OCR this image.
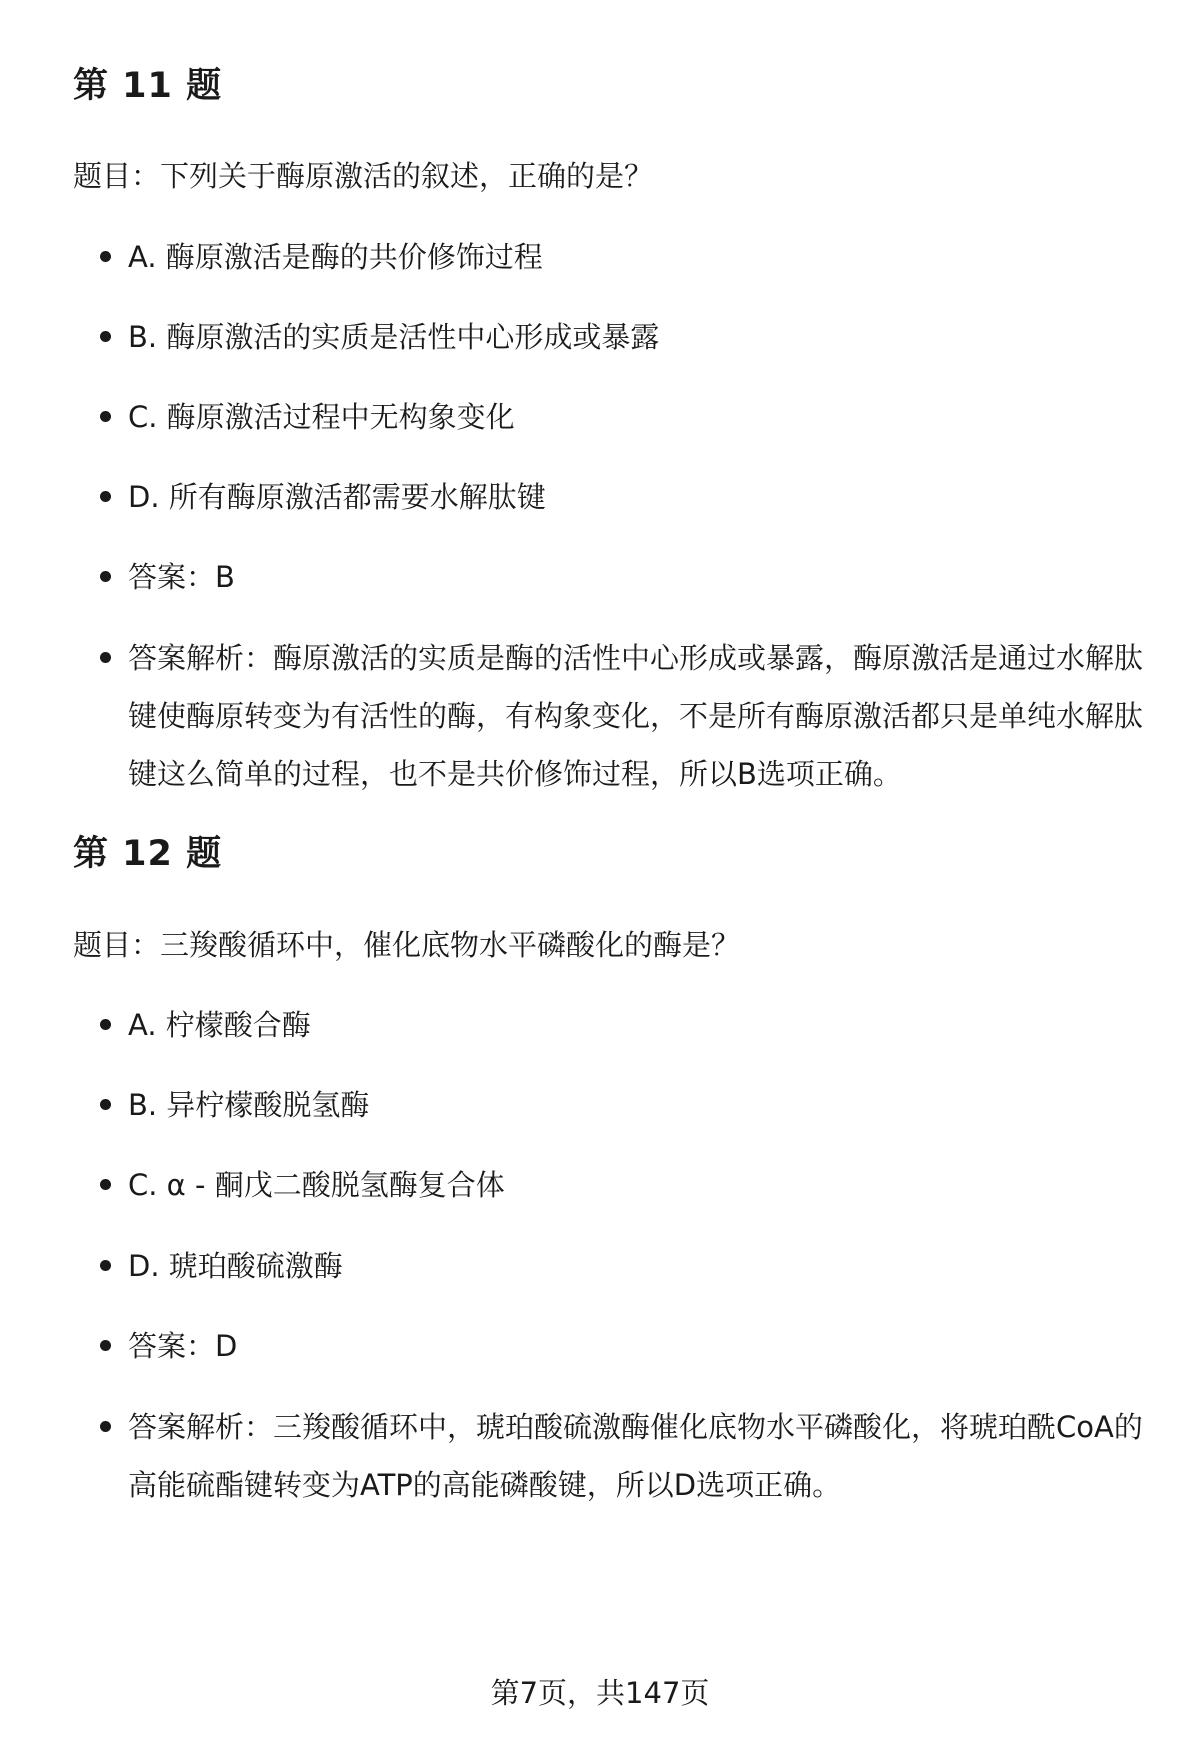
第 11 题

题目：下列关于酶原激活的叙述，正确的是？

A. 酶原激活是酶的共价修饰过程
B. 酶原激活的实质是活性中心形成或暴露
C. 酶原激活过程中无构象变化
D. 所有酶原激活都需要水解肽键
答案：B
答案解析：酶原激活的实质是酶的活性中心形成或暴露，酶原激活是通过水解肽键使酶原转变为有活性的酶，有构象变化，不是所有酶原激活都只是单纯水解肽键这么简单的过程，也不是共价修饰过程，所以B选项正确。
第 12 题

题目：三羧酸循环中，催化底物水平磷酸化的酶是？

A. 柠檬酸合酶
B. 异柠檬酸脱氢酶
C. α - 酮戊二酸脱氢酶复合体
D. 琥珀酸硫激酶
答案：D
答案解析：三羧酸循环中，琥珀酸硫激酶催化底物水平磷酸化，将琥珀酰CoA的高能硫酯键转变为ATP的高能磷酸键，所以D选项正确。
第7页，共147页
